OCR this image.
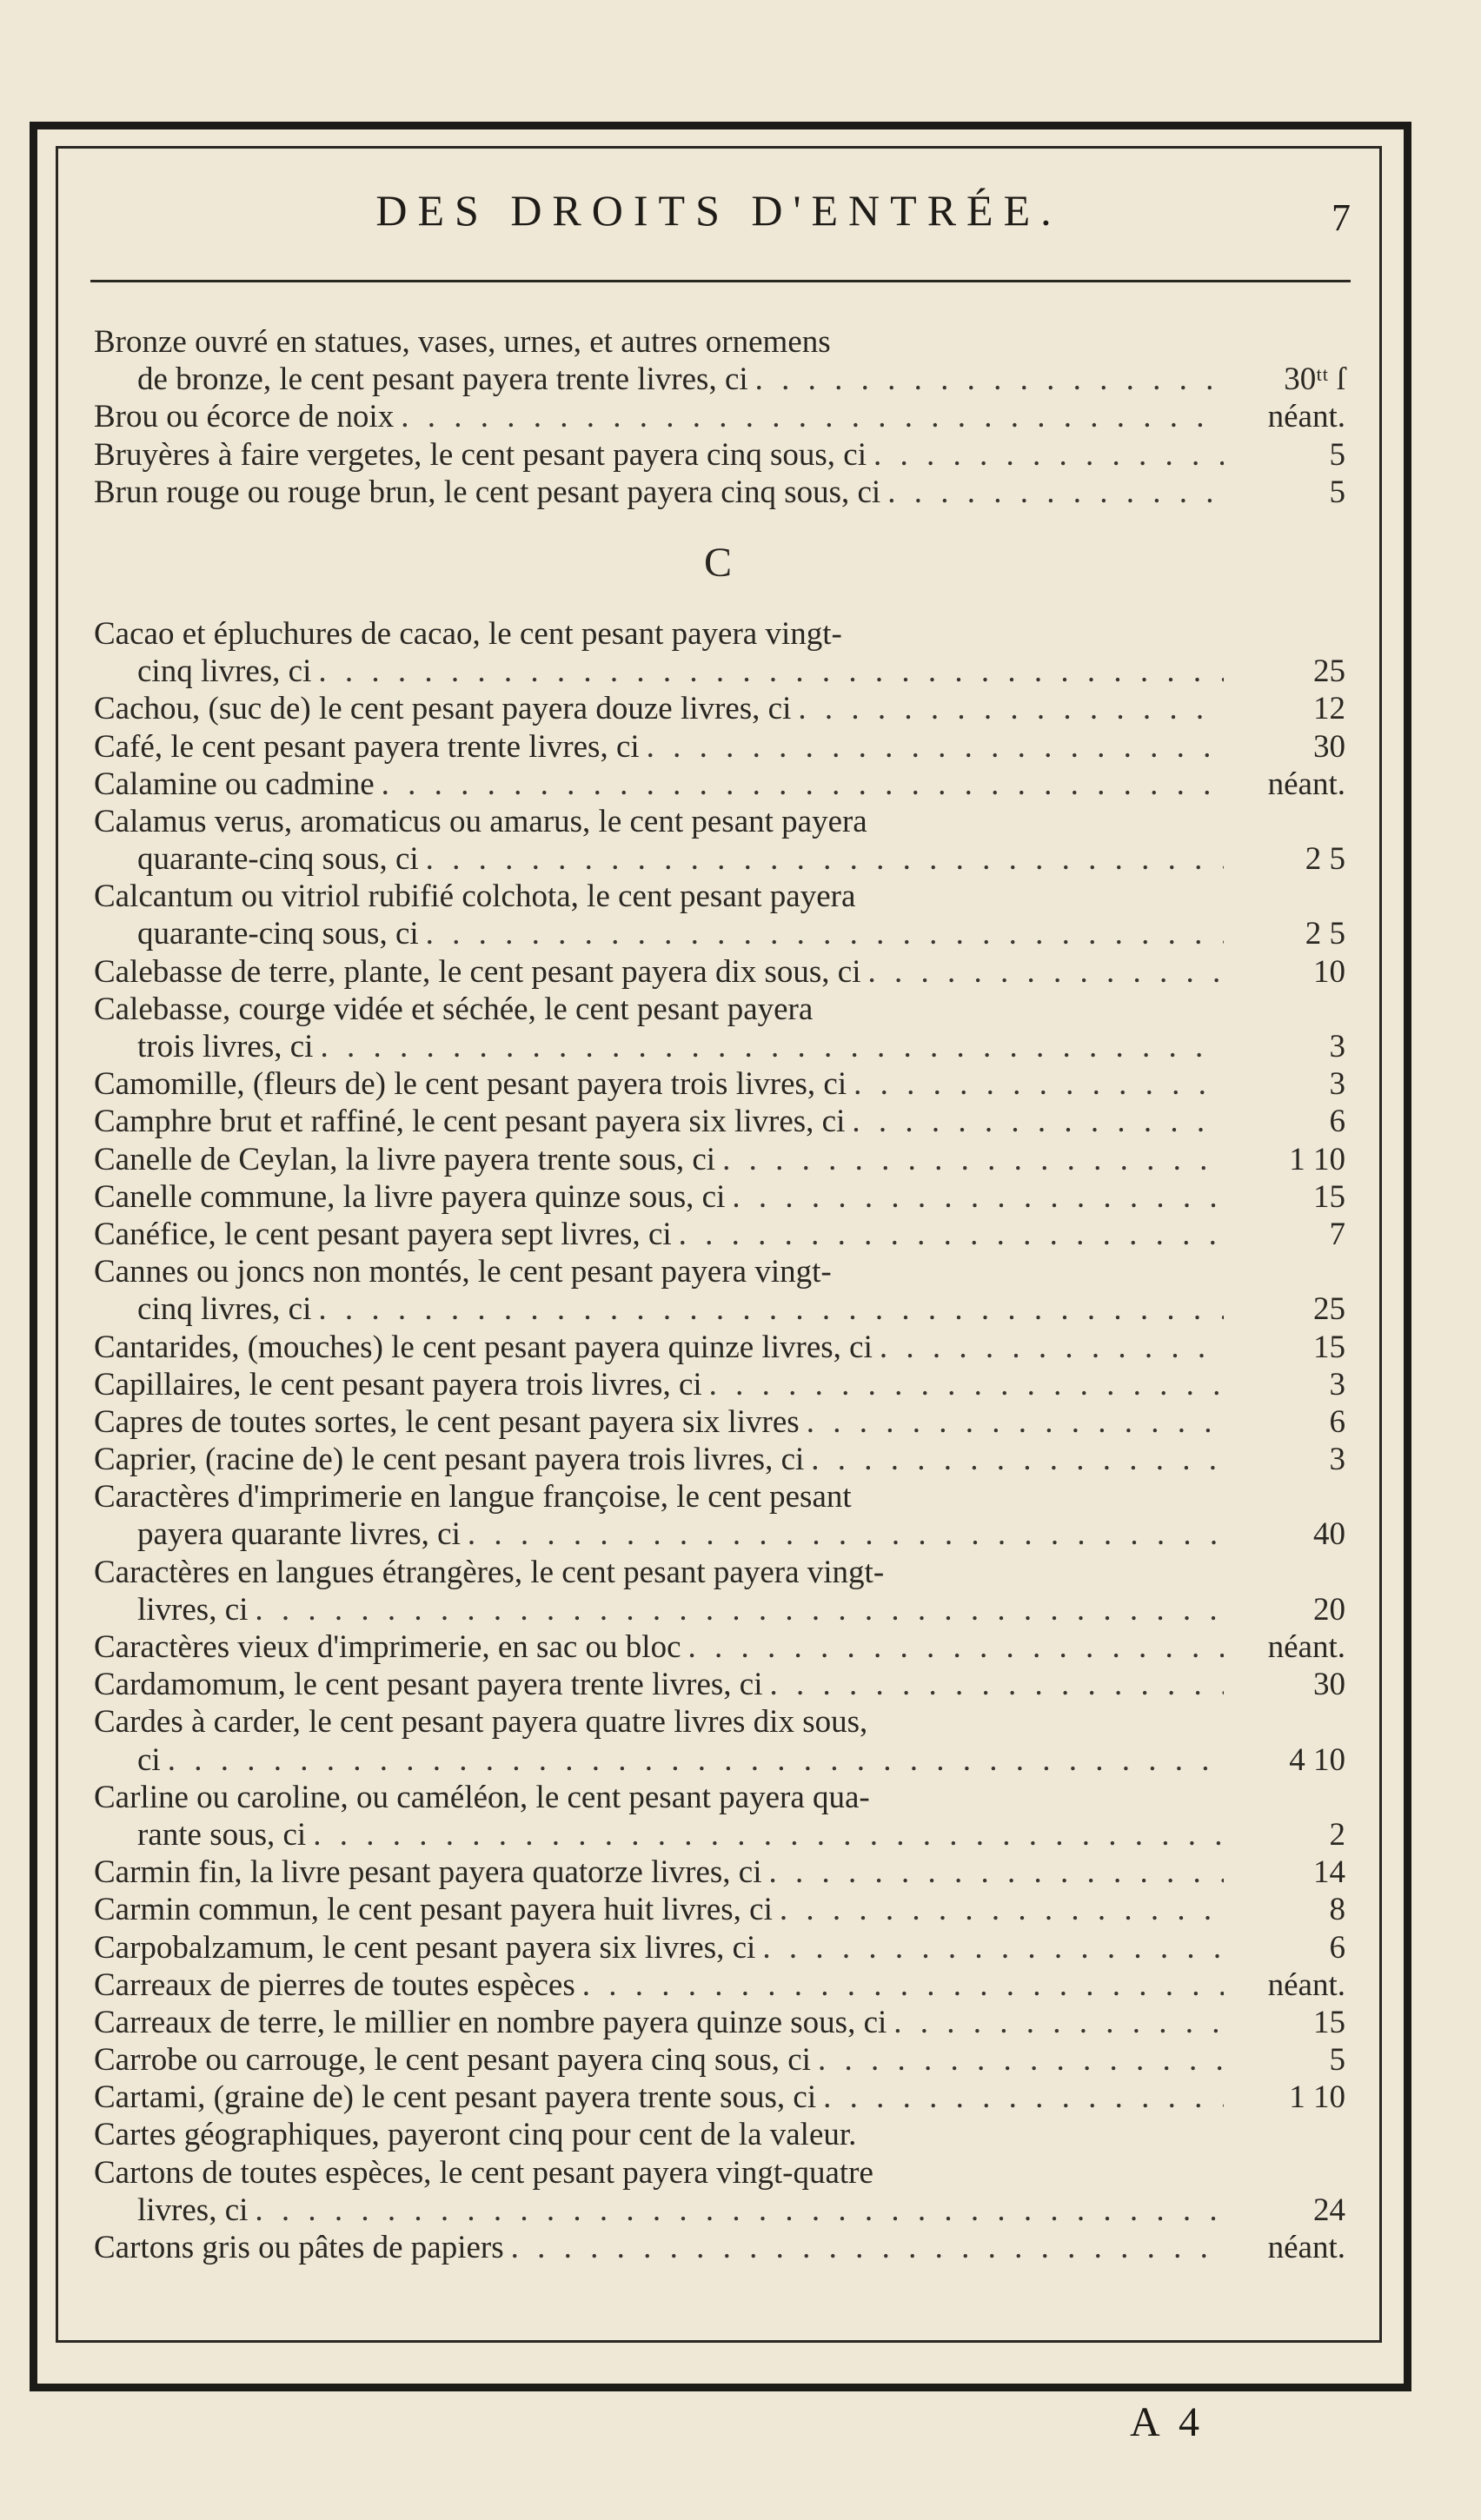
DES DROITS D'ENTRÉE.	7
Bronze ouvré en statues, vases, urnes, et autres ornemens
de bronze, le cent pesant payera trente livres, ci . . .	30ᵗᵗ ſ
Brou ou écorce de noix . . .	néant.
Bruyères à faire vergetes, le cent pesant payera cinq sous, ci . . .	5
Brun rouge ou rouge brun, le cent pesant payera cinq sous, ci . . .	5
C
Cacao et épluchures de cacao, le cent pesant payera vingt-
cinq livres, ci . . .	25
Cachou, (suc de) le cent pesant payera douze livres, ci . . .	12
Café, le cent pesant payera trente livres, ci . . .	30
Calamine ou cadmine . . .	néant.
Calamus verus, aromaticus ou amarus, le cent pesant payera
quarante-cinq sous, ci . . .	2 5
Calcantum ou vitriol rubifié colchota, le cent pesant payera
quarante-cinq sous, ci . . .	2 5
Calebasse de terre, plante, le cent pesant payera dix sous, ci . . .	10
Calebasse, courge vidée et séchée, le cent pesant payera
trois livres, ci . . .	3
Camomille, (fleurs de) le cent pesant payera trois livres, ci . . .	3
Camphre brut et raffiné, le cent pesant payera six livres, ci . . .	6
Canelle de Ceylan, la livre payera trente sous, ci . . .	1 10
Canelle commune, la livre payera quinze sous, ci . . .	15
Canéfice, le cent pesant payera sept livres, ci . . .	7
Cannes ou joncs non montés, le cent pesant payera vingt-
cinq livres, ci . . .	25
Cantarides, (mouches) le cent pesant payera quinze livres, ci . . .	15
Capillaires, le cent pesant payera trois livres, ci . . .	3
Capres de toutes sortes, le cent pesant payera six livres . . .	6
Caprier, (racine de) le cent pesant payera trois livres, ci . . .	3
Caractères d'imprimerie en langue françoise, le cent pesant
payera quarante livres, ci . . .	40
Caractères en langues étrangères, le cent pesant payera vingt-
livres, ci . . .	20
Caractères vieux d'imprimerie, en sac ou bloc . . .	néant.
Cardamomum, le cent pesant payera trente livres, ci . . .	30
Cardes à carder, le cent pesant payera quatre livres dix sous,
ci . . .	4 10
Carline ou caroline, ou caméléon, le cent pesant payera qua-
rante sous, ci . . .	2
Carmin fin, la livre pesant payera quatorze livres, ci . . .	14
Carmin commun, le cent pesant payera huit livres, ci . . .	8
Carpobalzamum, le cent pesant payera six livres, ci . . .	6
Carreaux de pierres de toutes espèces . . .	néant.
Carreaux de terre, le millier en nombre payera quinze sous, ci . . .	15
Carrobe ou carrouge, le cent pesant payera cinq sous, ci . . .	5
Cartami, (graine de) le cent pesant payera trente sous, ci . . .	1 10
Cartes géographiques, payeront cinq pour cent de la valeur.
Cartons de toutes espèces, le cent pesant payera vingt-quatre
livres, ci . . .	24
Cartons gris ou pâtes de papiers . . .	néant.
A 4
